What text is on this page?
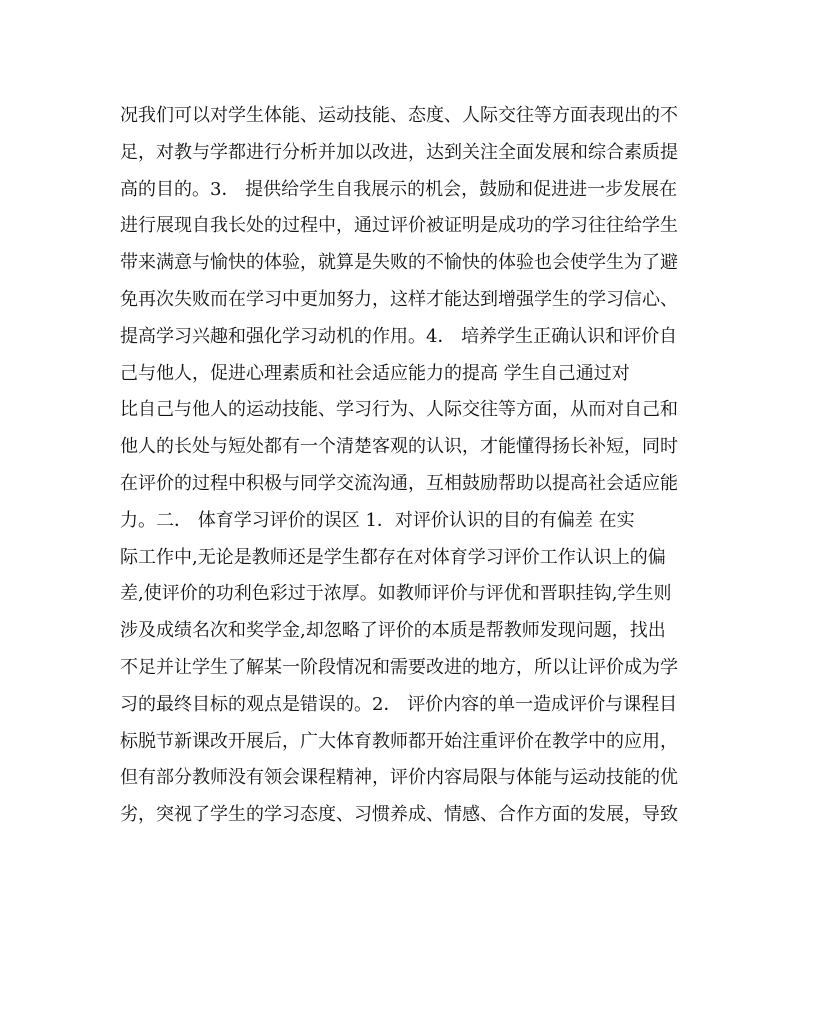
况我们可以对学生体能、运动技能、态度、人际交往等方面表现出的不
足，对教与学都进行分析并加以改进，达到关注全面发展和综合素质提
高的目的。3． 提供给学生自我展示的机会，鼓励和促进进一步发展在
进行展现自我长处的过程中，通过评价被证明是成功的学习往往给学生
带来满意与愉快的体验，就算是失败的不愉快的体验也会使学生为了避
免再次失败而在学习中更加努力，这样才能达到增强学生的学习信心、
提高学习兴趣和强化学习动机的作用。4． 培养学生正确认识和评价自
己与他人，促进心理素质和社会适应能力的提高 学生自己通过对
比自己与他人的运动技能、学习行为、人际交往等方面，从而对自己和
他人的长处与短处都有一个清楚客观的认识，才能懂得扬长补短，同时
在评价的过程中积极与同学交流沟通，互相鼓励帮助以提高社会适应能
力。二． 体育学习评价的误区 1．对评价认识的目的有偏差 在实
际工作中,无论是教师还是学生都存在对体育学习评价工作认识上的偏
差,使评价的功利色彩过于浓厚。如教师评价与评优和晋职挂钩,学生则
涉及成绩名次和奖学金,却忽略了评价的本质是帮教师发现问题，找出
不足并让学生了解某一阶段情况和需要改进的地方，所以让评价成为学
习的最终目标的观点是错误的。2． 评价内容的单一造成评价与课程目
标脱节新课改开展后，广大体育教师都开始注重评价在教学中的应用，
但有部分教师没有领会课程精神，评价内容局限与体能与运动技能的优
劣，突视了学生的学习态度、习惯养成、情感、合作方面的发展，导致
